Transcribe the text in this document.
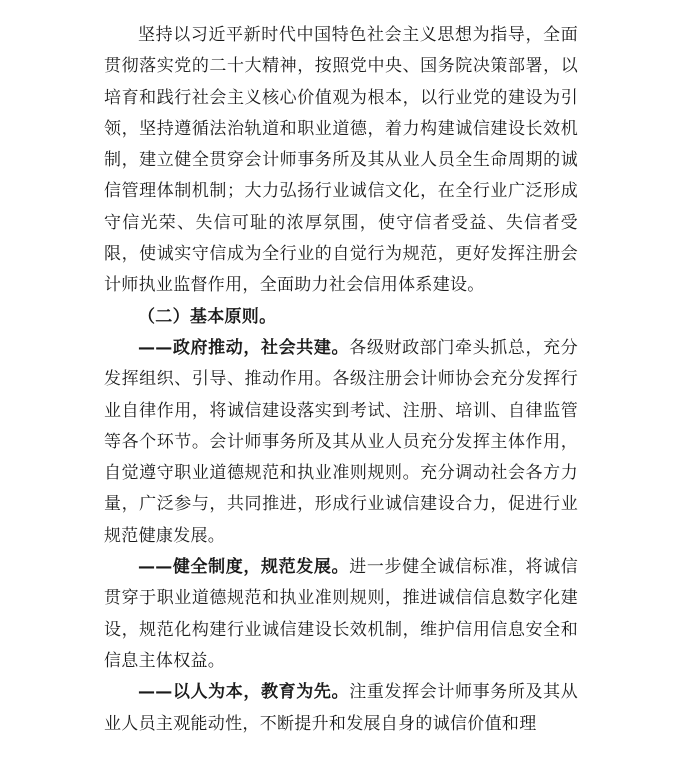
坚持以习近平新时代中国特色社会主义思想为指导，全面贯彻落实党的二十大精神，按照党中央、国务院决策部署，以培育和践行社会主义核心价值观为根本，以行业党的建设为引领，坚持遵循法治轨道和职业道德，着力构建诚信建设长效机制，建立健全贯穿会计师事务所及其从业人员全生命周期的诚信管理体制机制；大力弘扬行业诚信文化，在全行业广泛形成守信光荣、失信可耻的浓厚氛围，使守信者受益、失信者受限，使诚实守信成为全行业的自觉行为规范，更好发挥注册会计师执业监督作用，全面助力社会信用体系建设。

（二）基本原则。

——政府推动，社会共建。各级财政部门牵头抓总，充分发挥组织、引导、推动作用。各级注册会计师协会充分发挥行业自律作用，将诚信建设落实到考试、注册、培训、自律监管等各个环节。会计师事务所及其从业人员充分发挥主体作用，自觉遵守职业道德规范和执业准则规则。充分调动社会各方力量，广泛参与，共同推进，形成行业诚信建设合力，促进行业规范健康发展。

——健全制度，规范发展。进一步健全诚信标准，将诚信贯穿于职业道德规范和执业准则规则，推进诚信信息数字化建设，规范化构建行业诚信建设长效机制，维护信用信息安全和信息主体权益。

——以人为本，教育为先。注重发挥会计师事务所及其从业人员主观能动性，不断提升和发展自身的诚信价值和理
